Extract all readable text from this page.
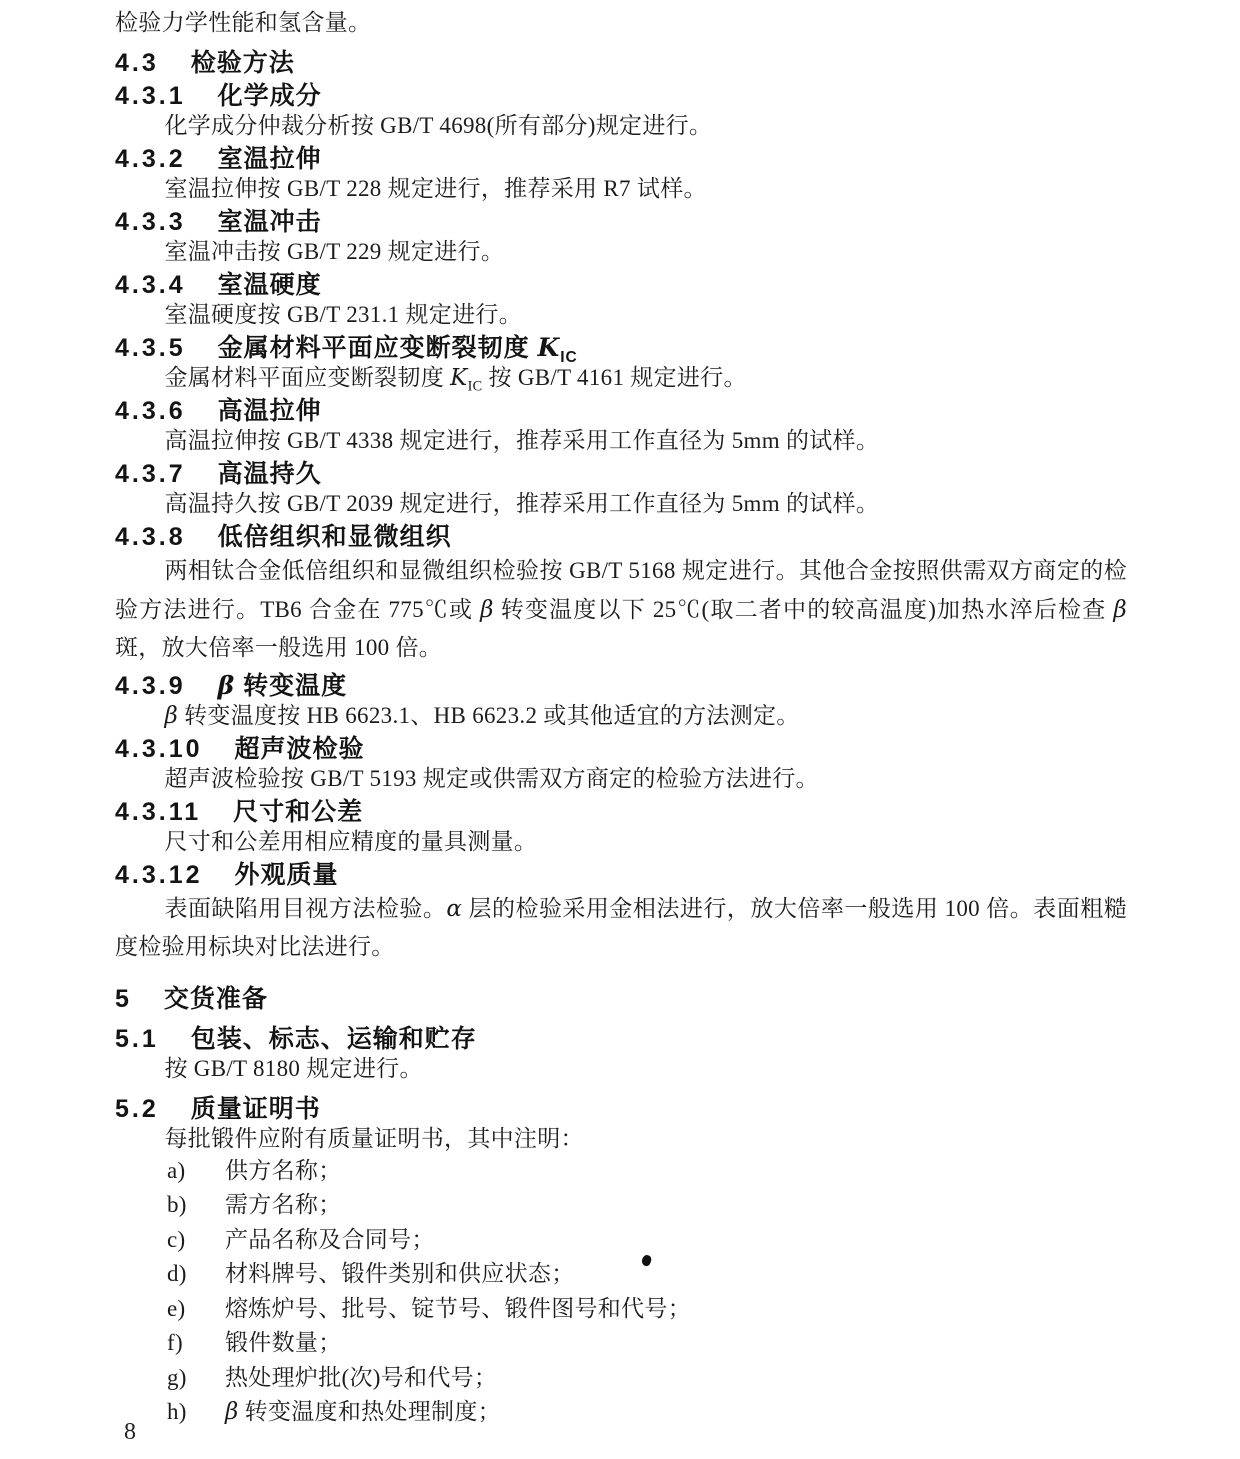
检验力学性能和氢含量。

4.3 检验方法
4.3.1 化学成分

化学成分仲裁分析按 GB/T 4698(所有部分)规定进行。

4.3.2 室温拉伸

室温拉伸按 GB/T 228 规定进行，推荐采用 R7 试样。

4.3.3 室温冲击

室温冲击按 GB/T 229 规定进行。

4.3.4 室温硬度

室温硬度按 GB/T 231.1 规定进行。

4.3.5 金属材料平面应变断裂韧度 $K_{IC}$

金属材料平面应变断裂韧度 $K_{IC}$ 按 GB/T 4161 规定进行。

4.3.6 高温拉伸

高温拉伸按 GB/T 4338 规定进行，推荐采用工作直径为 5mm 的试样。

4.3.7 高温持久

高温持久按 GB/T 2039 规定进行，推荐采用工作直径为 5mm 的试样。

4.3.8 低倍组织和显微组织

两相钛合金低倍组织和显微组织检验按 GB/T 5168 规定进行。其他合金按照供需双方商定的检验方法进行。TB6 合金在 775℃或 β 转变温度以下 25℃(取二者中的较高温度)加热水淬后检查 β 斑，放大倍率一般选用 100 倍。

4.3.9 β 转变温度

β 转变温度按 HB 6623.1、HB 6623.2 或其他适宜的方法测定。

4.3.10 超声波检验

超声波检验按 GB/T 5193 规定或供需双方商定的检验方法进行。

4.3.11 尺寸和公差

尺寸和公差用相应精度的量具测量。

4.3.12 外观质量

表面缺陷用目视方法检验。α 层的检验采用金相法进行，放大倍率一般选用 100 倍。表面粗糙度检验用标块对比法进行。

5 交货准备
5.1 包装、标志、运输和贮存

按 GB/T 8180 规定进行。

5.2 质量证明书

每批锻件应附有质量证明书，其中注明：

a)	供方名称；
b)	需方名称；
c)	产品名称及合同号；
d)	材料牌号、锻件类别和供应状态；
e)	熔炼炉号、批号、锭节号、锻件图号和代号；
f)	锻件数量；
g)	热处理炉批(次)号和代号；
h)	β 转变温度和热处理制度；
8
